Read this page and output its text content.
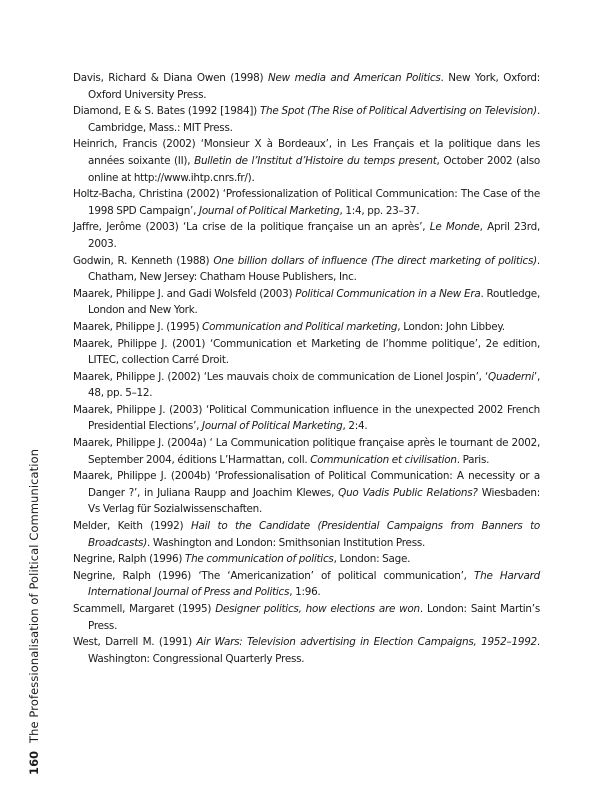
160 The Professionalisation of Political Communication
Davis, Richard & Diana Owen (1998) New media and American Politics. New York, Oxford: Oxford University Press.
Diamond, E & S. Bates (1992 [1984]) The Spot (The Rise of Political Advertising on Television). Cambridge, Mass.: MIT Press.
Heinrich, Francis (2002) ‘Monsieur X à Bordeaux’, in Les Français et la politique dans les années soixante (II), Bulletin de l’Institut d’Histoire du temps present, October 2002 (also online at http://www.ihtp.cnrs.fr/).
Holtz-Bacha, Christina (2002) ‘Professionalization of Political Communication: The Case of the 1998 SPD Campaign’, Journal of Political Marketing, 1:4, pp. 23–37.
Jaffre, Jerôme (2003) ‘La crise de la politique française un an après’, Le Monde, April 23rd, 2003.
Godwin, R. Kenneth (1988) One billion dollars of influence (The direct marketing of politics). Chatham, New Jersey: Chatham House Publishers, Inc.
Maarek, Philippe J. and Gadi Wolsfeld (2003) Political Communication in a New Era. Routledge, London and New York.
Maarek, Philippe J. (1995) Communication and Political marketing, London: John Libbey.
Maarek, Philippe J. (2001) ‘Communication et Marketing de l’homme politique’, 2e edition, LITEC, collection Carré Droit.
Maarek, Philippe J. (2002) ‘Les mauvais choix de communication de Lionel Jospin’, ‘Quaderni’, 48, pp. 5–12.
Maarek, Philippe J. (2003) ‘Political Communication influence in the unexpected 2002 French Presidential Elections’, Journal of Political Marketing, 2:4.
Maarek, Philippe J. (2004a) ‘ La Communication politique française après le tournant de 2002, September 2004, éditions L’Harmattan, coll. Communication et civilisation. Paris.
Maarek, Philippe J. (2004b) ‘Professionalisation of Political Communication: A necessity or a Danger ?’, in Juliana Raupp and Joachim Klewes, Quo Vadis Public Relations? Wiesbaden: Vs Verlag für Sozialwissenschaften.
Melder, Keith (1992) Hail to the Candidate (Presidential Campaigns from Banners to Broadcasts). Washington and London: Smithsonian Institution Press.
Negrine, Ralph (1996) The communication of politics, London: Sage.
Negrine, Ralph (1996) ‘The ‘Americanization’ of political communication’, The Harvard International Journal of Press and Politics, 1:96.
Scammell, Margaret (1995) Designer politics, how elections are won. London: Saint Martin’s Press.
West, Darrell M. (1991) Air Wars: Television advertising in Election Campaigns, 1952–1992. Washington: Congressional Quarterly Press.
